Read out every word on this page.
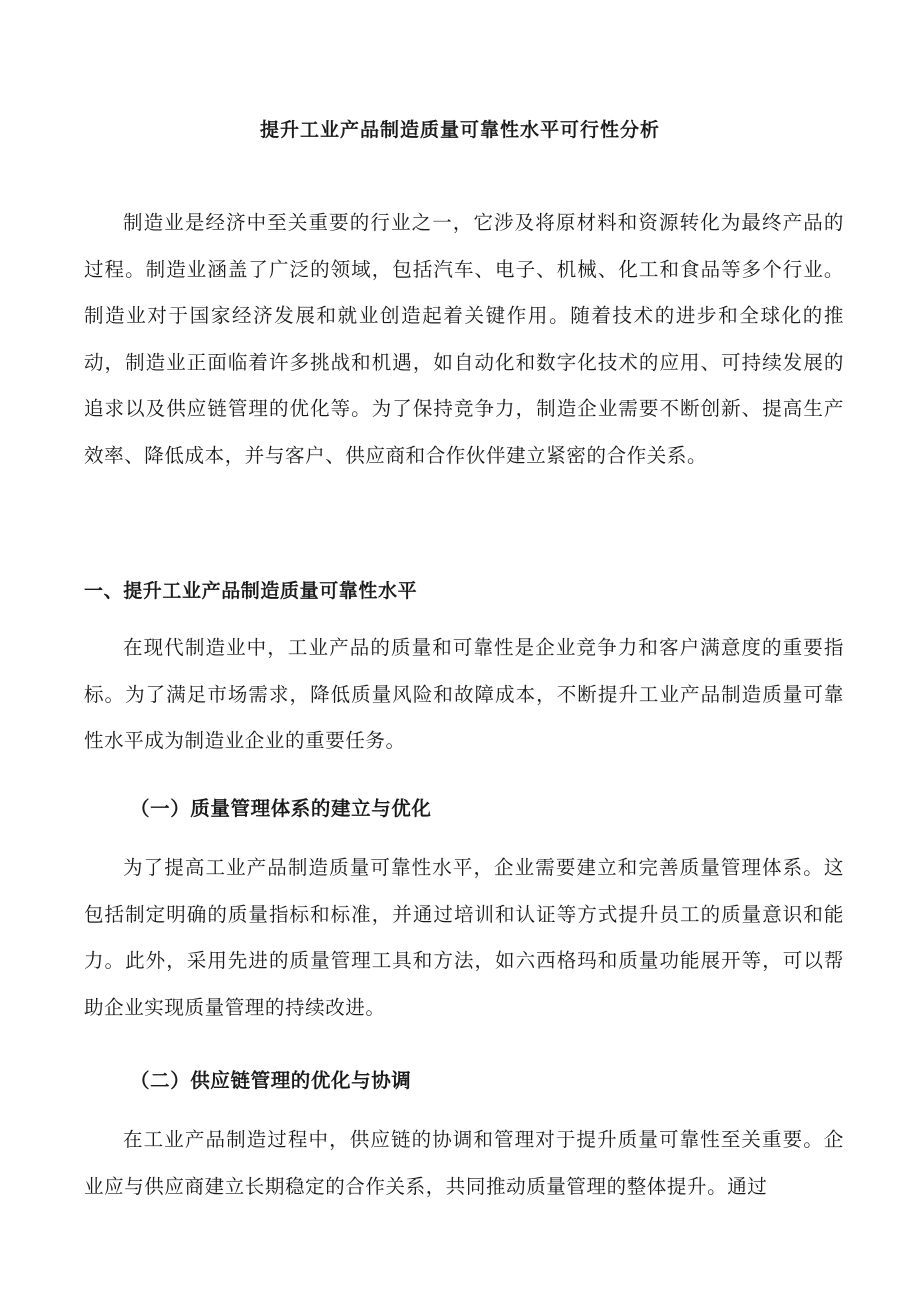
提升工业产品制造质量可靠性水平可行性分析

制造业是经济中至关重要的行业之一，它涉及将原材料和资源转化为最终产品的过程。制造业涵盖了广泛的领域，包括汽车、电子、机械、化工和食品等多个行业。制造业对于国家经济发展和就业创造起着关键作用。随着技术的进步和全球化的推动，制造业正面临着许多挑战和机遇，如自动化和数字化技术的应用、可持续发展的追求以及供应链管理的优化等。为了保持竞争力，制造企业需要不断创新、提高生产效率、降低成本，并与客户、供应商和合作伙伴建立紧密的合作关系。

一、提升工业产品制造质量可靠性水平

在现代制造业中，工业产品的质量和可靠性是企业竞争力和客户满意度的重要指标。为了满足市场需求，降低质量风险和故障成本，不断提升工业产品制造质量可靠性水平成为制造业企业的重要任务。

（一）质量管理体系的建立与优化

为了提高工业产品制造质量可靠性水平，企业需要建立和完善质量管理体系。这包括制定明确的质量指标和标准，并通过培训和认证等方式提升员工的质量意识和能力。此外，采用先进的质量管理工具和方法，如六西格玛和质量功能展开等，可以帮助企业实现质量管理的持续改进。

（二）供应链管理的优化与协调

在工业产品制造过程中，供应链的协调和管理对于提升质量可靠性至关重要。企业应与供应商建立长期稳定的合作关系，共同推动质量管理的整体提升。通过
